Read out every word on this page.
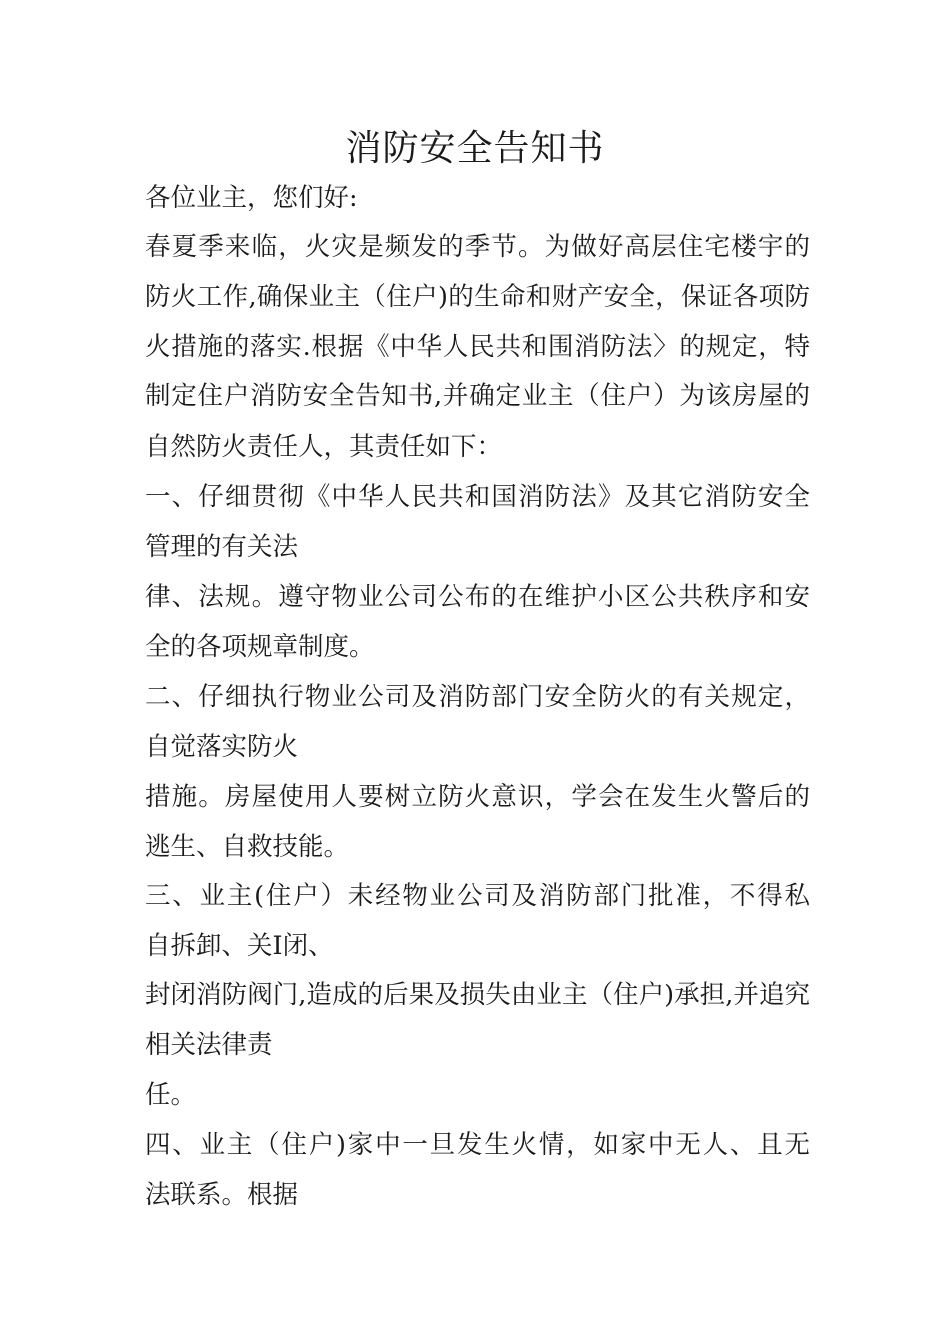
消防安全告知书
各位业主，您们好:
春夏季来临，火灾是频发的季节。为做好高层住宅楼宇的
防火工作,确保业主（住户)的生命和财产安全，保证各项防
火措施的落实.根据《中华人民共和围消防法〉的规定，特
制定住户消防安全告知书,并确定业主（住户）为该房屋的
自然防火责任人，其责任如下：
一、仔细贯彻《中华人民共和国消防法》及其它消防安全
管理的有关法
律、法规。遵守物业公司公布的在维护小区公共秩序和安
全的各项规章制度。
二、仔细执行物业公司及消防部门安全防火的有关规定，
自觉落实防火
措施。房屋使用人要树立防火意识，学会在发生火警后的
逃生、自救技能。
三、业主(住户）未经物业公司及消防部门批准，不得私
自拆卸、关I闭、
封闭消防阀门,造成的后果及损失由业主（住户)承担,并追究
相关法律责
任。
四、业主（住户)家中一旦发生火情，如家中无人、且无
法联系。根据
